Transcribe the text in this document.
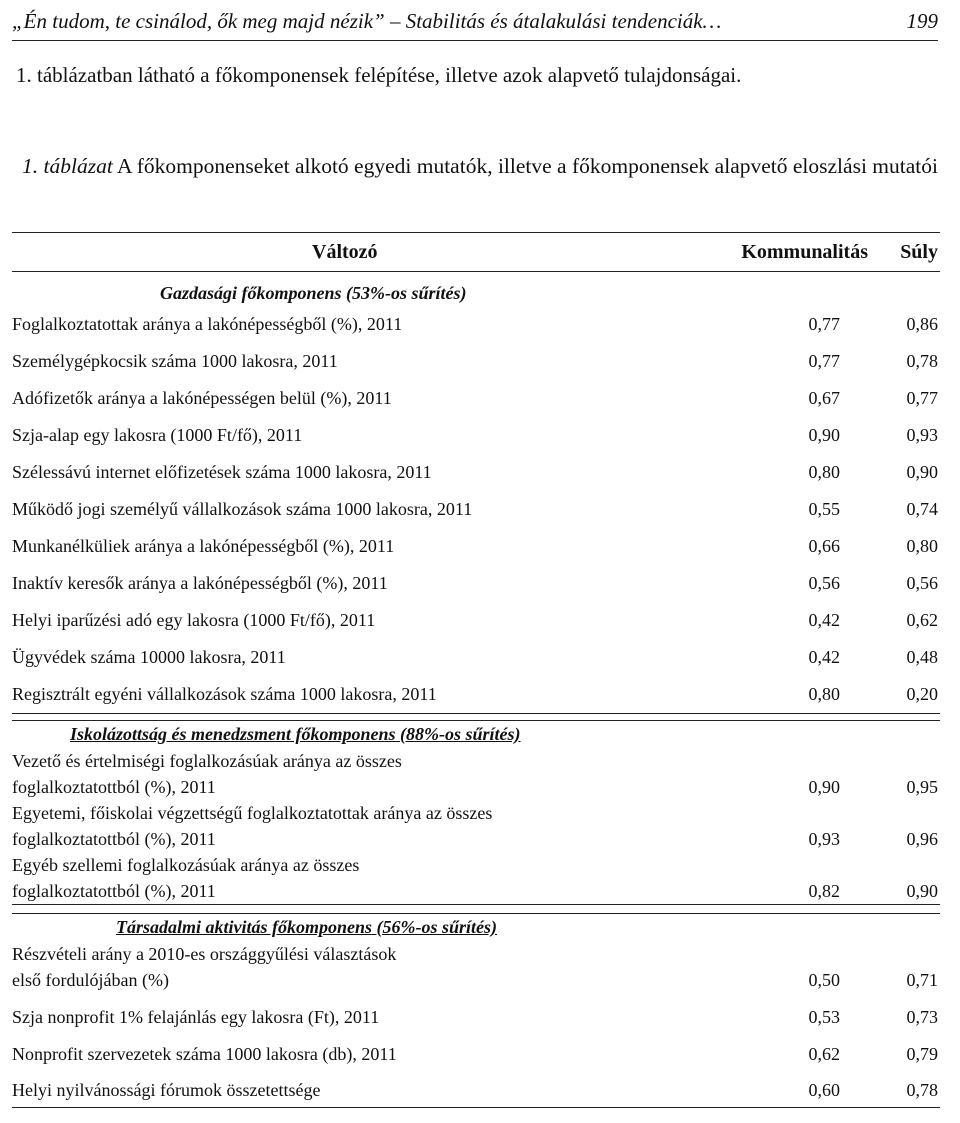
„Én tudom, te csinálod, ők meg majd nézik” – Stabilitás és átalakulási tendenciák…	199
1. táblázatban látható a főkomponensek felépítése, illetve azok alapvető tulajdonságai.
1. táblázat A főkomponenseket alkotó egyedi mutatók, illetve a főkomponensek alapvető eloszlási mutatói
Változó	Kommunalitás Súly
Gazdasági főkomponens (53%-os sűrítés)
Foglalkoztatottak aránya a lakónépességből (%), 2011	0,77	0,86
Személygépkocsik száma 1000 lakosra, 2011	0,77	0,78
Adófizetők aránya a lakónépességen belül (%), 2011	0,67	0,77
Szja-alap egy lakosra (1000 Ft/fő), 2011	0,90	0,93
Szélessávú internet előfizetések száma 1000 lakosra, 2011	0,80	0,90
Működő jogi személyű vállalkozások száma 1000 lakosra, 2011	0,55	0,74
Munkanélküliek aránya a lakónépességből (%), 2011	0,66	0,80
Inaktív keresők aránya a lakónépességből (%), 2011	0,56	0,56
Helyi iparűzési adó egy lakosra (1000 Ft/fő), 2011	0,42	0,62
Ügyvédek száma 10000 lakosra, 2011	0,42	0,48
Regisztrált egyéni vállalkozások száma 1000 lakosra, 2011	0,80	0,20
Iskolázottság és menedzsment főkomponens (88%-os sűrítés)
Vezető és értelmiségi foglalkozásúak aránya az összes
foglalkoztatottból (%), 2011	0,90	0,95
Egyetemi, főiskolai végzettségű foglalkoztatottak aránya az összes
foglalkoztatottból (%), 2011	0,93	0,96
Egyéb szellemi foglalkozásúak aránya az összes
foglalkoztatottból (%), 2011	0,82	0,90
Társadalmi aktivitás főkomponens (56%-os sűrítés)
Részvételi arány a 2010-es országgyűlési választások
első fordulójában (%)	0,50	0,71
Szja nonprofit 1% felajánlás egy lakosra (Ft), 2011	0,53	0,73
Nonprofit szervezetek száma 1000 lakosra (db), 2011	0,62	0,79
Helyi nyilvánossági fórumok összetettsége	0,60	0,78
